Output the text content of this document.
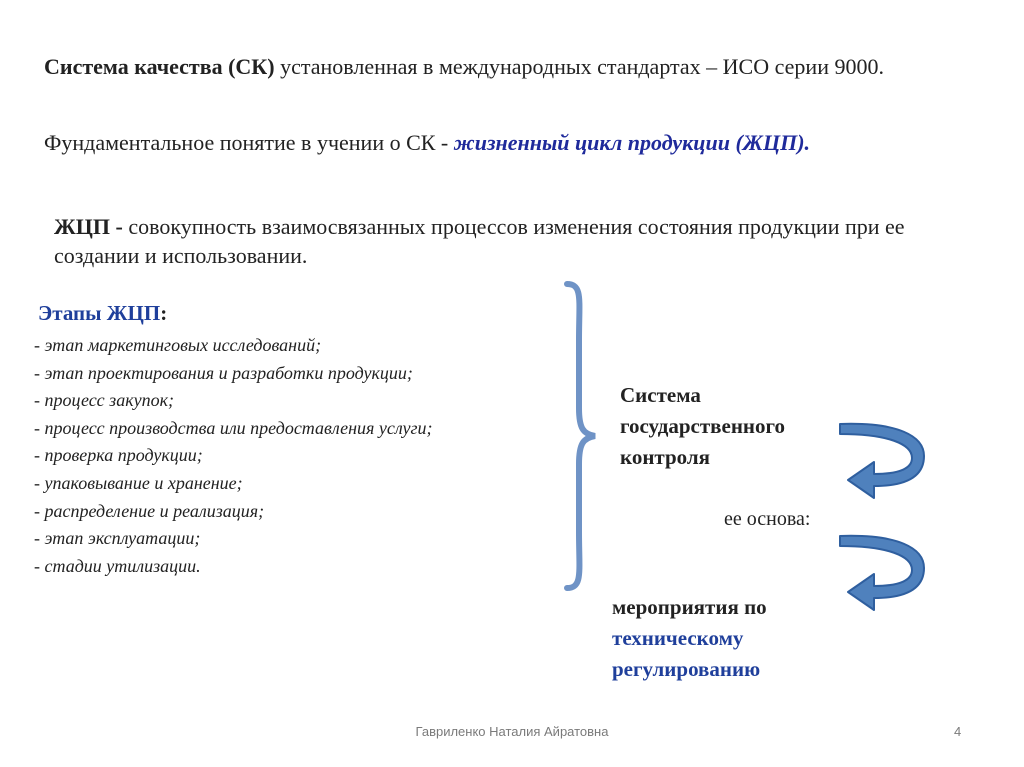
Система качества (СК) установленная в международных стандартах – ИСО серии 9000.
Фундаментальное понятие в учении о СК - жизненный цикл продукции (ЖЦП).
ЖЦП - совокупность взаимосвязанных процессов изменения состояния продукции при ее создании и использовании.
Этапы ЖЦП:
- этап маркетинговых исследований;
- этап проектирования и разработки продукции;
- процесс закупок;
- процесс производства или предоставления услуги;
- проверка продукции;
- упаковывание и хранение;
- распределение и реализация;
- этап эксплуатации;
- стадии утилизации.
Система
государственного
контроля
ее основа:
мероприятия по
техническому
регулированию
Гавриленко Наталия Айратовна	4
